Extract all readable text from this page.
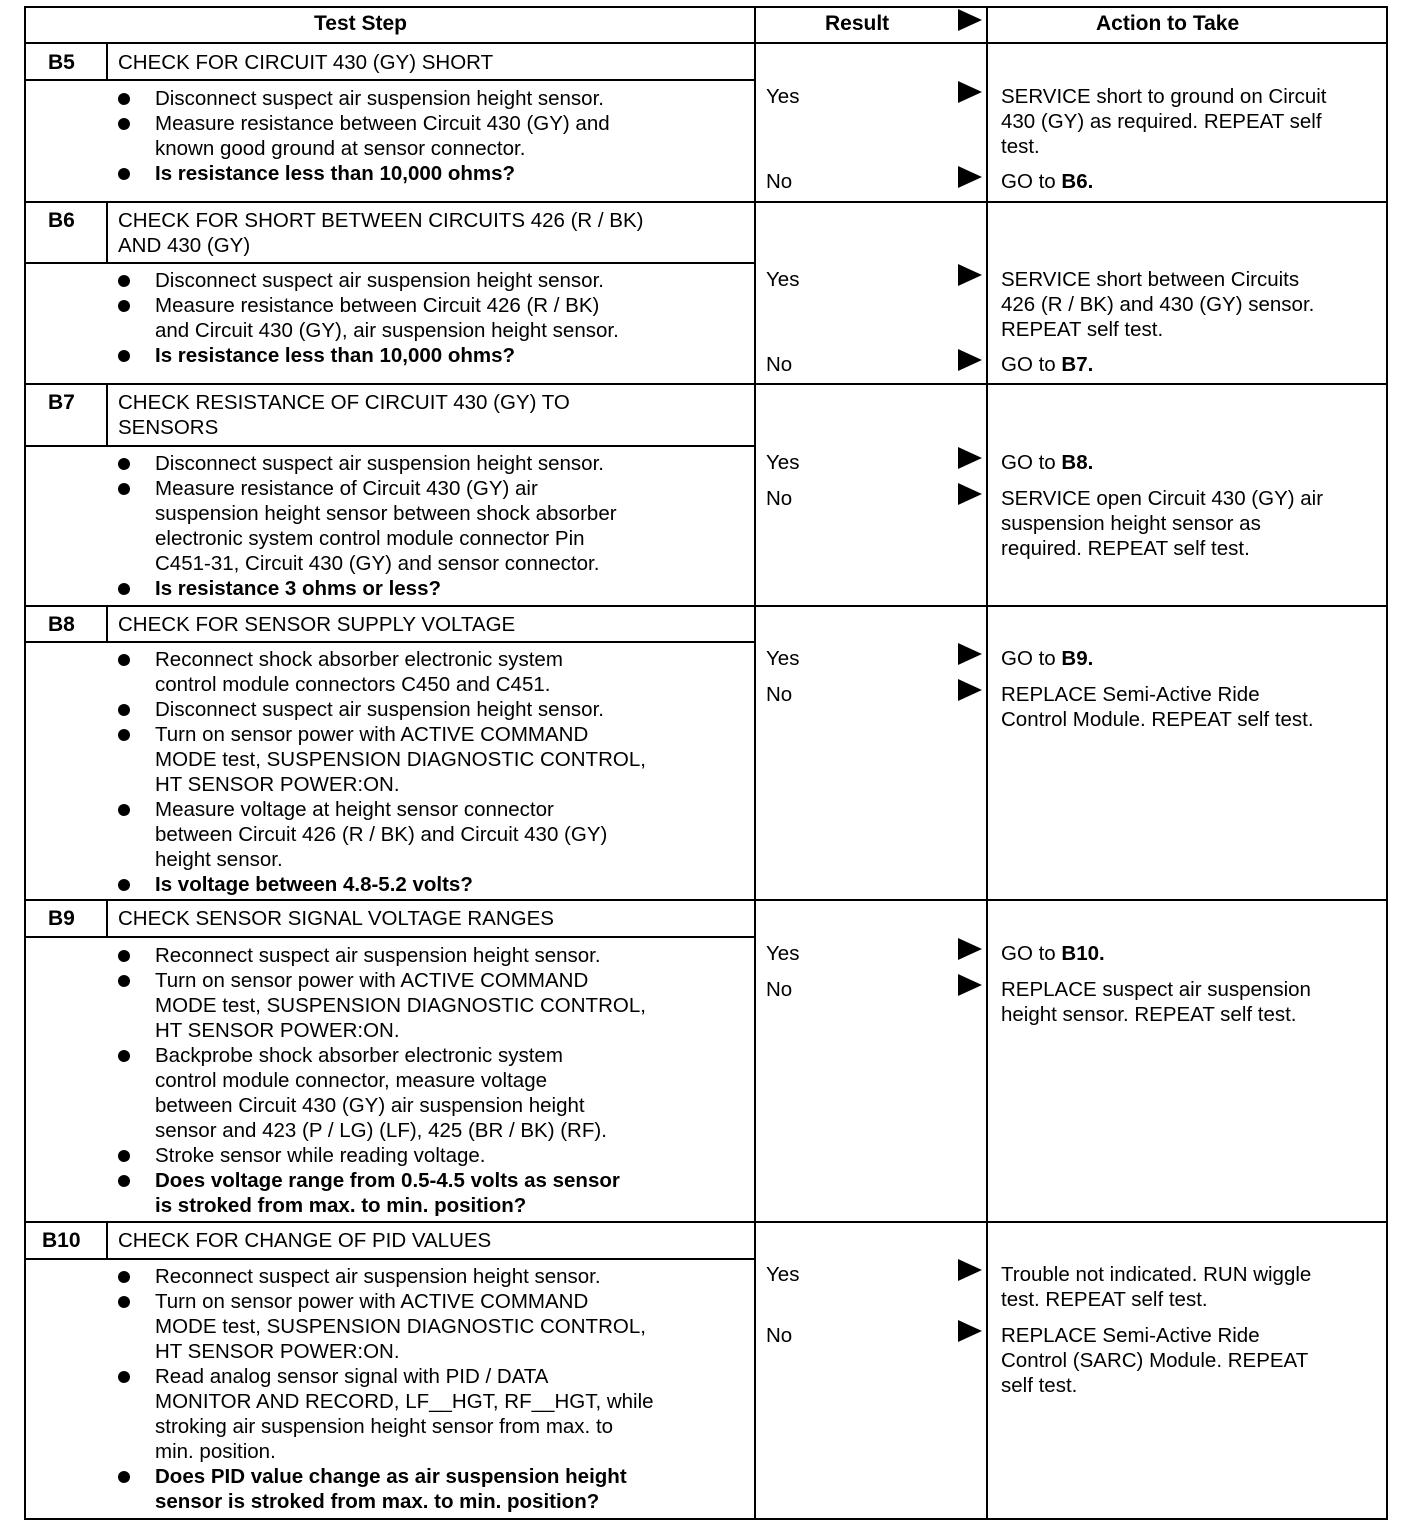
Test Step	Result	Action to Take
B5 CHECK FOR CIRCUIT 430 (GY) SHORT
Disconnect suspect air suspension height sensor.
Measure resistance between Circuit 430 (GY) and
known good ground at sensor connector.
Is resistance less than 10,000 ohms?
Yes	SERVICE short to ground on Circuit
430 (GY) as required. REPEAT self
test.
No	GO to B6.
B6 CHECK FOR SHORT BETWEEN CIRCUITS 426 (R / BK)
AND 430 (GY)
Disconnect suspect air suspension height sensor.
Measure resistance between Circuit 426 (R / BK)
and Circuit 430 (GY), air suspension height sensor.
Is resistance less than 10,000 ohms?
Yes	SERVICE short between Circuits
426 (R / BK) and 430 (GY) sensor.
REPEAT self test.
No	GO to B7.
B7 CHECK RESISTANCE OF CIRCUIT 430 (GY) TO
SENSORS
Disconnect suspect air suspension height sensor.
Measure resistance of Circuit 430 (GY) air
suspension height sensor between shock absorber
electronic system control module connector Pin
C451-31, Circuit 430 (GY) and sensor connector.
Is resistance 3 ohms or less?
Yes	GO to B8.
No	SERVICE open Circuit 430 (GY) air
suspension height sensor as
required. REPEAT self test.
B8 CHECK FOR SENSOR SUPPLY VOLTAGE
Reconnect shock absorber electronic system
control module connectors C450 and C451.
Disconnect suspect air suspension height sensor.
Turn on sensor power with ACTIVE COMMAND
MODE test, SUSPENSION DIAGNOSTIC CONTROL,
HT SENSOR POWER:ON.
Measure voltage at height sensor connector
between Circuit 426 (R / BK) and Circuit 430 (GY)
height sensor.
Is voltage between 4.8-5.2 volts?
Yes	GO to B9.
No	REPLACE Semi-Active Ride
Control Module. REPEAT self test.
B9 CHECK SENSOR SIGNAL VOLTAGE RANGES
Reconnect suspect air suspension height sensor.
Turn on sensor power with ACTIVE COMMAND
MODE test, SUSPENSION DIAGNOSTIC CONTROL,
HT SENSOR POWER:ON.
Backprobe shock absorber electronic system
control module connector, measure voltage
between Circuit 430 (GY) air suspension height
sensor and 423 (P / LG) (LF), 425 (BR / BK) (RF).
Stroke sensor while reading voltage.
Does voltage range from 0.5-4.5 volts as sensor
is stroked from max. to min. position?
Yes	GO to B10.
No	REPLACE suspect air suspension
height sensor. REPEAT self test.
B10 CHECK FOR CHANGE OF PID VALUES
Reconnect suspect air suspension height sensor.
Turn on sensor power with ACTIVE COMMAND
MODE test, SUSPENSION DIAGNOSTIC CONTROL,
HT SENSOR POWER:ON.
Read analog sensor signal with PID / DATA
MONITOR AND RECORD, LF__HGT, RF__HGT, while
stroking air suspension height sensor from max. to
min. position.
Does PID value change as air suspension height
sensor is stroked from max. to min. position?
Yes	Trouble not indicated. RUN wiggle
test. REPEAT self test.
No	REPLACE Semi-Active Ride
Control (SARC) Module. REPEAT
self test.
